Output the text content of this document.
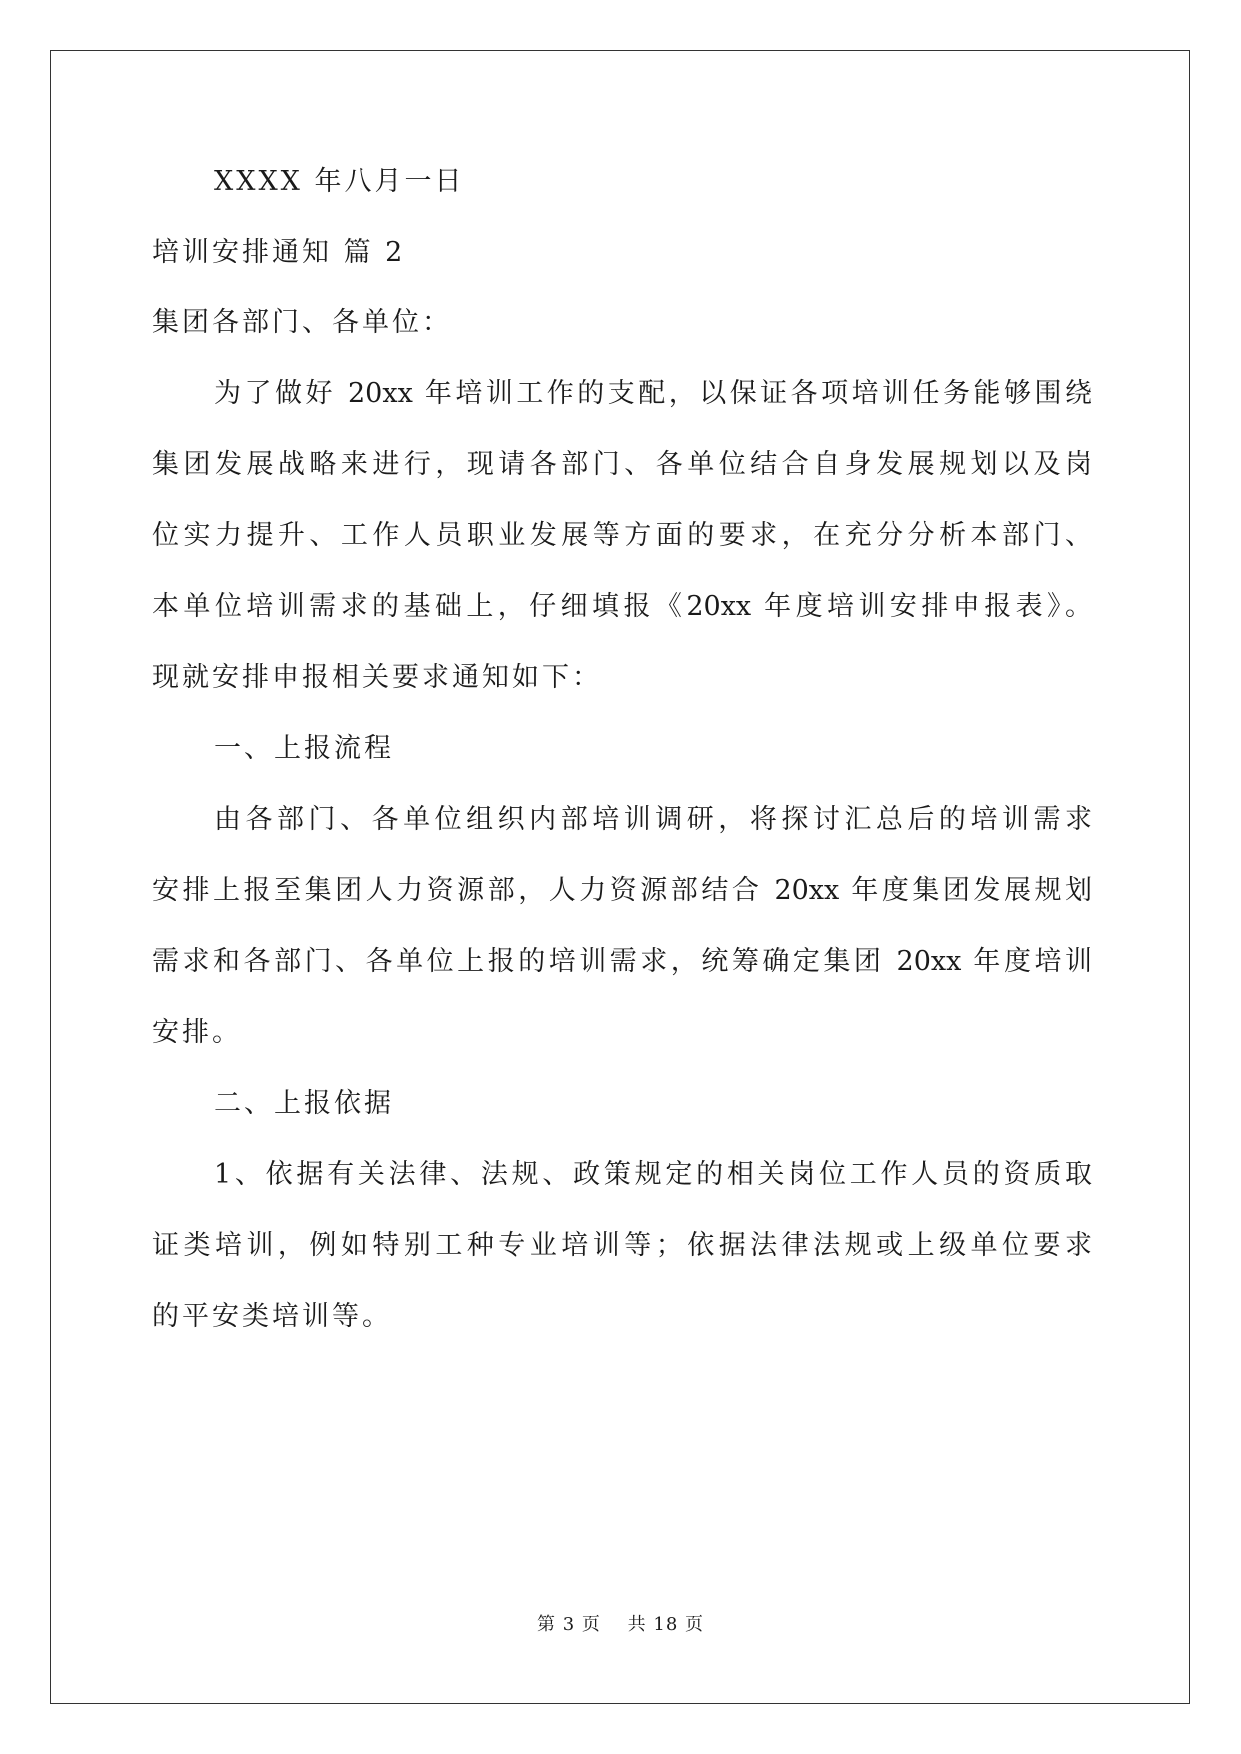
XXXX 年八月一日
培训安排通知 篇 2
集团各部门、各单位：
为了做好 20xx 年培训工作的支配，以保证各项培训任务能够围绕
集团发展战略来进行，现请各部门、各单位结合自身发展规划以及岗
位实力提升、工作人员职业发展等方面的要求，在充分分析本部门、
本单位培训需求的基础上，仔细填报《20xx 年度培训安排申报表》。
现就安排申报相关要求通知如下：
一、上报流程
由各部门、各单位组织内部培训调研，将探讨汇总后的培训需求
安排上报至集团人力资源部，人力资源部结合 20xx 年度集团发展规划
需求和各部门、各单位上报的培训需求，统筹确定集团 20xx 年度培训
安排。
二、上报依据
1、依据有关法律、法规、政策规定的相关岗位工作人员的资质取
证类培训，例如特别工种专业培训等；依据法律法规或上级单位要求
的平安类培训等。
第 3 页 共 18 页
